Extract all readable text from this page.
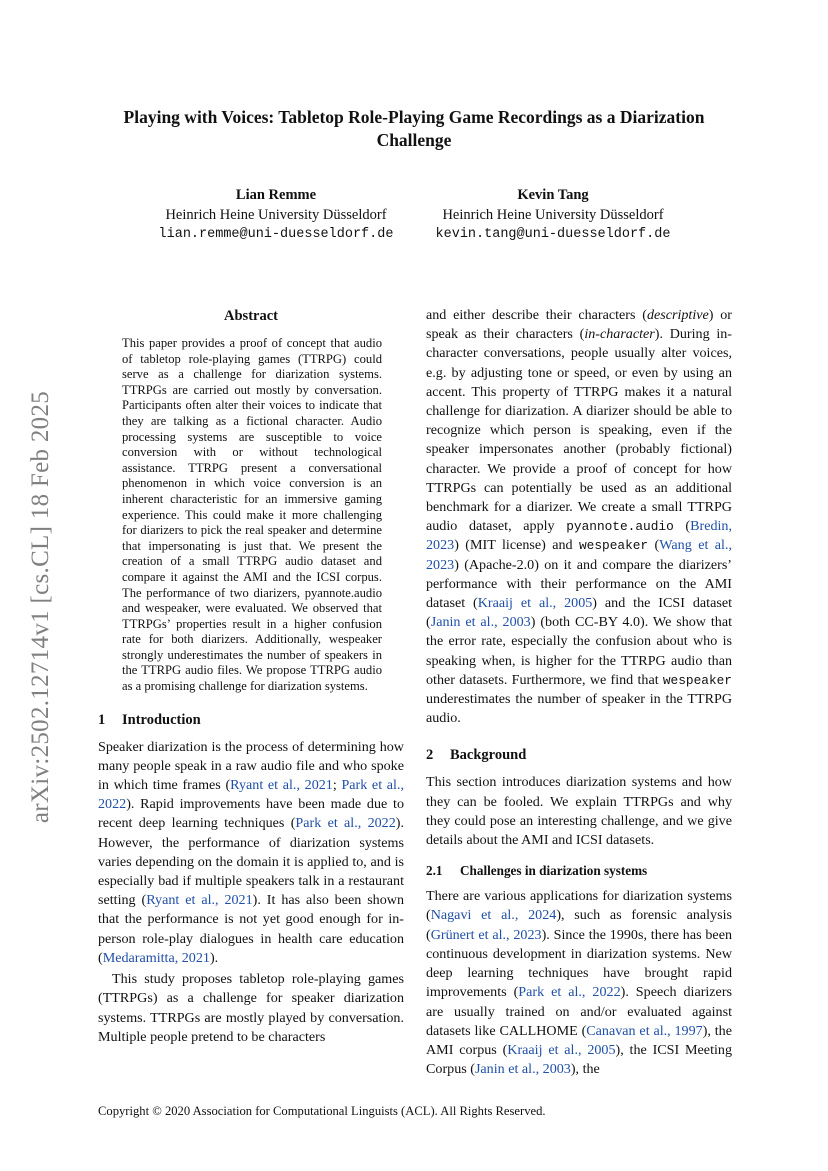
Playing with Voices: Tabletop Role-Playing Game Recordings as a Diarization Challenge
Lian Remme
Heinrich Heine University Düsseldorf
lian.remme@uni-duesseldorf.de
Kevin Tang
Heinrich Heine University Düsseldorf
kevin.tang@uni-duesseldorf.de
arXiv:2502.12714v1 [cs.CL] 18 Feb 2025
Abstract

This paper provides a proof of concept that audio of tabletop role-playing games (TTRPG) could serve as a challenge for diarization systems. TTRPGs are carried out mostly by conversation. Participants often alter their voices to indicate that they are talking as a fictional character. Audio processing systems are susceptible to voice conversion with or without technological assistance. TTRPG present a conversational phenomenon in which voice conversion is an inherent characteristic for an immersive gaming experience. This could make it more challenging for diarizers to pick the real speaker and determine that impersonating is just that. We present the creation of a small TTRPG audio dataset and compare it against the AMI and the ICSI corpus. The performance of two diarizers, pyannote.audio and wespeaker, were evaluated. We observed that TTRPGs’ properties result in a higher confusion rate for both diarizers. Additionally, wespeaker strongly underestimates the number of speakers in the TTRPG audio files. We propose TTRPG audio as a promising challenge for diarization systems.

1 Introduction

Speaker diarization is the process of determining how many people speak in a raw audio file and who spoke in which time frames (Ryant et al., 2021; Park et al., 2022). Rapid improvements have been made due to recent deep learning techniques (Park et al., 2022). However, the performance of diarization systems varies depending on the domain it is applied to, and is especially bad if multiple speakers talk in a restaurant setting (Ryant et al., 2021). It has also been shown that the performance is not yet good enough for in-person role-play dialogues in health care education (Medaramitta, 2021).

This study proposes tabletop role-playing games (TTRPGs) as a challenge for speaker diarization systems. TTRPGs are mostly played by conversation. Multiple people pretend to be characters

and either describe their characters (descriptive) or speak as their characters (in-character). During in-character conversations, people usually alter voices, e.g. by adjusting tone or speed, or even by using an accent. This property of TTRPG makes it a natural challenge for diarization. A diarizer should be able to recognize which person is speaking, even if the speaker impersonates another (probably fictional) character. We provide a proof of concept for how TTRPGs can potentially be used as an additional benchmark for a diarizer. We create a small TTRPG audio dataset, apply pyannote.audio (Bredin, 2023) (MIT license) and wespeaker (Wang et al., 2023) (Apache-2.0) on it and compare the diarizers’ performance with their performance on the AMI dataset (Kraaij et al., 2005) and the ICSI dataset (Janin et al., 2003) (both CC-BY 4.0). We show that the error rate, especially the confusion about who is speaking when, is higher for the TTRPG audio than other datasets. Furthermore, we find that wespeaker underestimates the number of speaker in the TTRPG audio.

2 Background

This section introduces diarization systems and how they can be fooled. We explain TTRPGs and why they could pose an interesting challenge, and we give details about the AMI and ICSI datasets.

2.1 Challenges in diarization systems

There are various applications for diarization systems (Nagavi et al., 2024), such as forensic analysis (Grünert et al., 2023). Since the 1990s, there has been continuous development in diarization systems. New deep learning techniques have brought rapid improvements (Park et al., 2022). Speech diarizers are usually trained on and/or evaluated against datasets like CALLHOME (Canavan et al., 1997), the AMI corpus (Kraaij et al., 2005), the ICSI Meeting Corpus (Janin et al., 2003), the

Copyright © 2020 Association for Computational Linguists (ACL). All Rights Reserved.
